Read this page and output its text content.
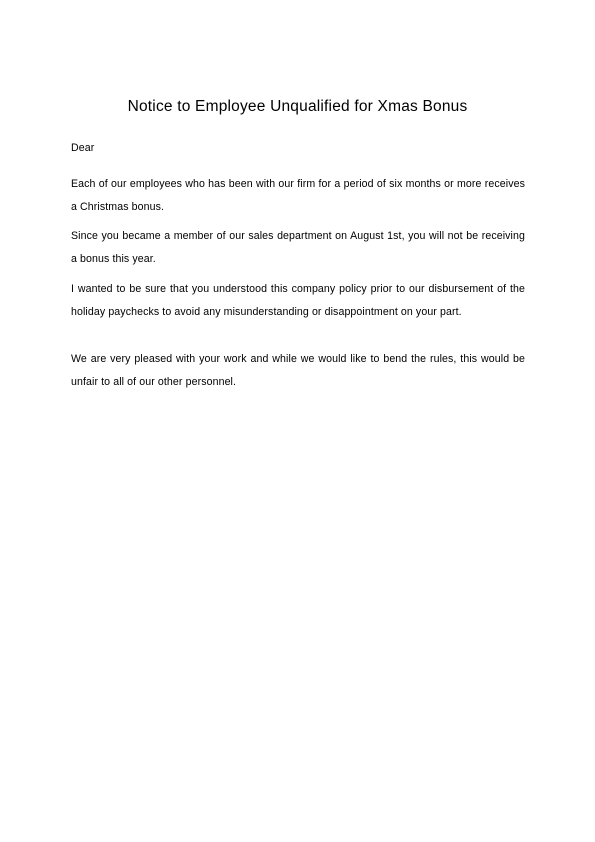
Notice to Employee Unqualified for Xmas Bonus
Dear
Each of our employees who has been with our firm for a period of six months or more receives a Christmas bonus.
Since you became a member of our sales department on August 1st, you will not be receiving a bonus this year.
I wanted to be sure that you understood this company policy prior to our disbursement of the holiday paychecks to avoid any misunderstanding or disappointment on your part.
We are very pleased with your work and while we would like to bend the rules, this would be unfair to all of our other personnel.
